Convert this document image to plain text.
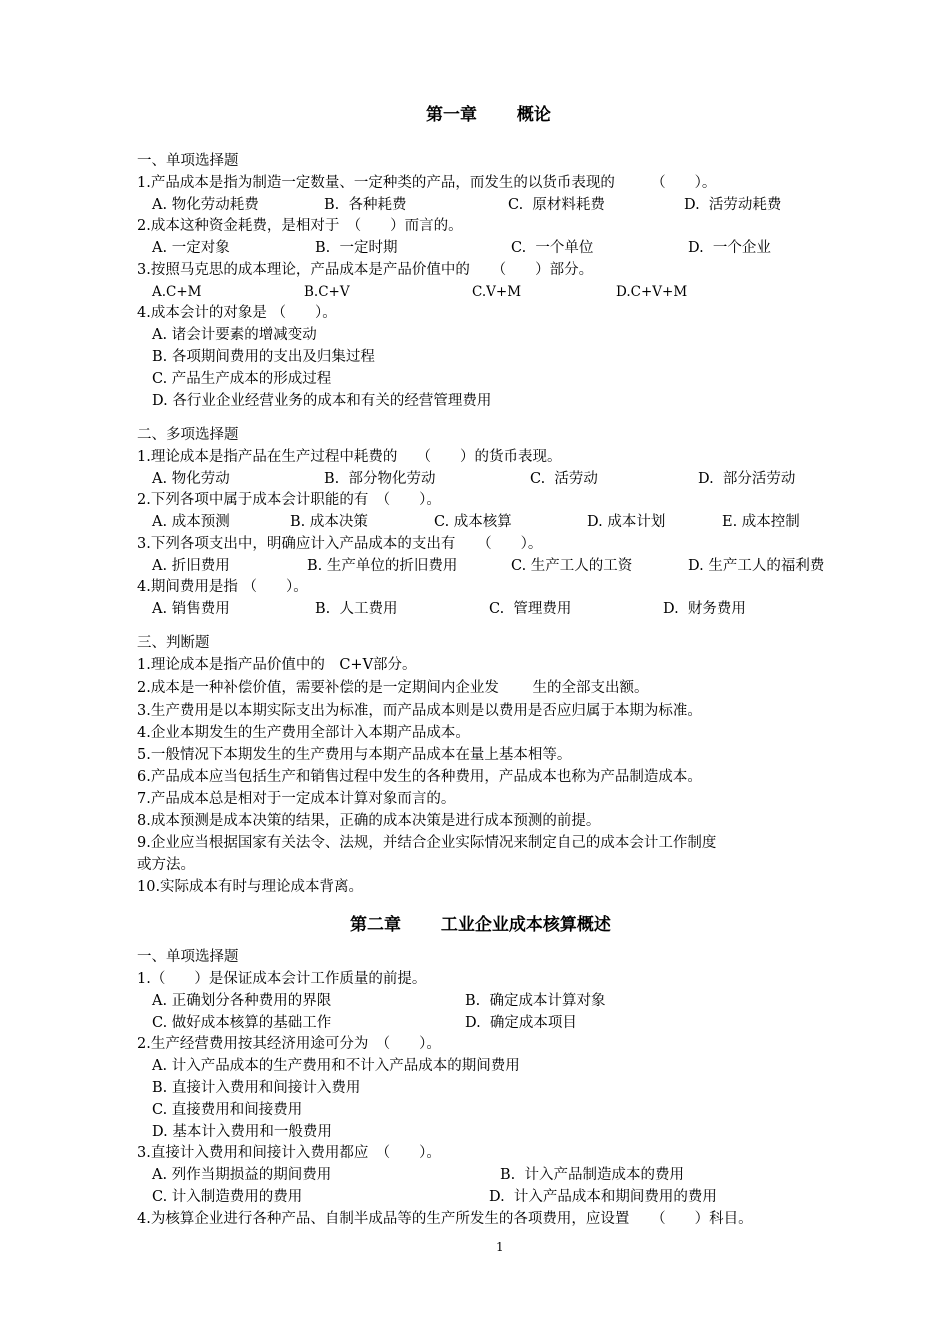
第一章　　 概论
一、单项选择题
1.产品成本是指为制造一定数量、一定种类的产品，而发生的以货币表现的　　　（　　）。
A. 物化劳动耗费	B.  各种耗费	C.  原材料耗费	D.  活劳动耗费
2.成本这种资金耗费，是相对于　（　　）而言的。
A. 一定对象	B.  一定时期	C.  一个单位	D.  一个企业
3.按照马克思的成本理论，产品成本是产品价值中的　　（　　）部分。
A.C+M	B.C+V	C.V+M	D.C+V+M
4.成本会计的对象是 （　　）。
A. 诸会计要素的增减变动
B. 各项期间费用的支出及归集过程
C. 产品生产成本的形成过程
D. 各行业企业经营业务的成本和有关的经营管理费用
二、多项选择题
1.理论成本是指产品在生产过程中耗费的　 （　　）的货币表现。
A. 物化劳动	B.  部分物化劳动	C.  活劳动	D.  部分活劳动
2.下列各项中属于成本会计职能的有　（　　）。
A. 成本预测	B. 成本决策	C. 成本核算	D. 成本计划	E. 成本控制
3.下列各项支出中，明确应计入产品成本的支出有　　（　　）。
A. 折旧费用	B. 生产单位的折旧费用	C. 生产工人的工资	D. 生产工人的福利费
4.期间费用是指 （　　）。
A. 销售费用	B.  人工费用	C.  管理费用	D.  财务费用
三、判断题
1.理论成本是指产品价值中的　C+V部分。
2.成本是一种补偿价值，需要补偿的是一定期间内企业发　　 生的全部支出额。
3.生产费用是以本期实际支出为标准，而产品成本则是以费用是否应归属于本期为标准。
4.企业本期发生的生产费用全部计入本期产品成本。
5.一般情况下本期发生的生产费用与本期产品成本在量上基本相等。
6.产品成本应当包括生产和销售过程中发生的各种费用，产品成本也称为产品制造成本。
7.产品成本总是相对于一定成本计算对象而言的。
8.成本预测是成本决策的结果，正确的成本决策是进行成本预测的前提。
9.企业应当根据国家有关法令、法规，并结合企业实际情况来制定自己的成本会计工作制度
或方法。
10.实际成本有时与理论成本背离。
第二章　　 工业企业成本核算概述
一、单项选择题
1.（　　）是保证成本会计工作质量的前提。
A. 正确划分各种费用的界限	B.  确定成本计算对象
C. 做好成本核算的基础工作	D.  确定成本项目
2.生产经营费用按其经济用途可分为　（　　）。
A. 计入产品成本的生产费用和不计入产品成本的期间费用
B. 直接计入费用和间接计入费用
C. 直接费用和间接费用
D. 基本计入费用和一般费用
3.直接计入费用和间接计入费用都应　（　　）。
A. 列作当期损益的期间费用	B.  计入产品制造成本的费用
C. 计入制造费用的费用	D.  计入产品成本和期间费用的费用
4.为核算企业进行各种产品、自制半成品等的生产所发生的各项费用，应设置　　（　　）科目。
1
